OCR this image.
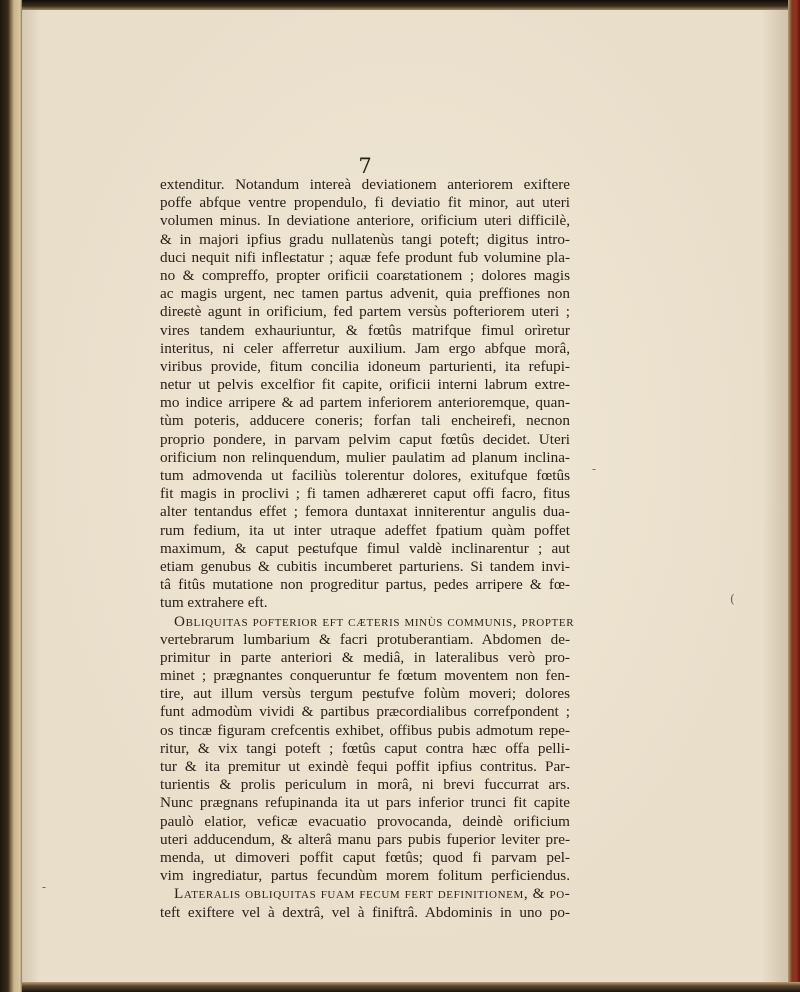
7
extenditur. Notandum intereà deviationem anteriorem exiftere
poffe abfque ventre propendulo, fi deviatio fit minor, aut uteri
volumen minus. In deviatione anteriore, orificium uteri difficilè,
& in majori ipfius gradu nullatenùs tangi poteft; digitus intro-
duci nequit nifi infleɕtatur ; aquæ fefe produnt fub volumine pla-
no & compreffo, propter orificii coarɕtationem ; dolores magis
ac magis urgent, nec tamen partus advenit, quia preffiones non
direɕtè agunt in orificium, fed partem versùs pofteriorem uteri ;
vires tandem exhauriuntur, & fœtûs matrifque fimul orìretur
interitus, ni celer afferretur auxilium. Jam ergo abfque morâ,
viribus provide, fitum concilia idoneum parturienti, ita refupi-
netur ut pelvis excelfior fit capite, orificii interni labrum extre-
mo indice arripere & ad partem inferiorem anterioremque, quan-
tùm poteris, adducere coneris; forfan tali encheirefi, necnon
proprio pondere, in parvam pelvim caput fœtûs decidet. Uteri
orificium non relinquendum, mulier paulatim ad planum inclina-
tum admovenda ut faciliùs tolerentur dolores, exitufque fœtûs
fit magis in proclivi ; fi tamen adhæreret caput offi facro, fitus
alter tentandus effet ; femora duntaxat inniterentur angulis dua-
rum fedium, ita ut inter utraque adeffet fpatium quàm poffet
maximum, & caput peɕtufque fimul valdè inclinarentur ; aut
etiam genubus & cubitis incumberet parturiens. Si tandem invi-
tâ fitûs mutatione non progreditur partus, pedes arripere & fœ-
tum extrahere eft.
Obliquitas pofterior eft cæteris minùs communis, propter
vertebrarum lumbarium & facri protuberantiam. Abdomen de-
primitur in parte anteriori & mediâ, in lateralibus verò pro-
minet ; prægnantes conqueruntur fe fœtum moventem non fen-
tire, aut illum versùs tergum peɕtufve folùm moveri; dolores
funt admodùm vividi & partibus præcordialibus correfpondent ;
os tincæ figuram crefcentis exhibet, offibus pubis admotum repe-
ritur, & vix tangi poteft ; fœtûs caput contra hæc offa pelli-
tur & ita premitur ut exindè fequi poffit ipfius contritus. Par-
turientis & prolis periculum in morâ, ni brevi fuccurrat ars.
Nunc prægnans refupinanda ita ut pars inferior trunci fit capite
paulò elatior, veficæ evacuatio provocanda, deindè orificium
uteri adducendum, & alterâ manu pars pubis fuperior leviter pre-
menda, ut dimoveri poffit caput fœtûs; quod fi parvam pel-
vim ingrediatur, partus fecundùm morem folitum perficiendus.
Lateralis obliquitas fuam fecum fert definitionem, & po-
teft exiftere vel à dextrâ, vel à finiftrâ. Abdominis in uno po-
(
-
-
